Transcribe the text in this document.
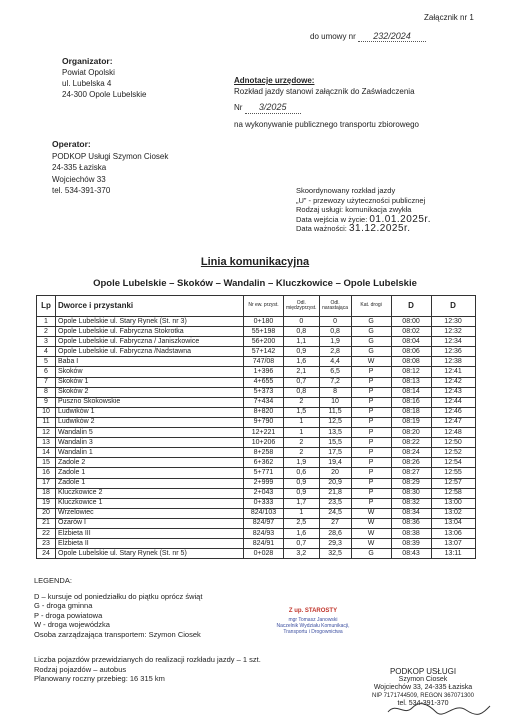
Załącznik nr 1
do umowy nr 232/2024
Organizator:
Powiat Opolski
ul. Lubelska 4
24-300 Opole Lubelskie
Adnotacje urzędowe:
Rozkład jazdy stanowi załącznik do Zaświadczenia
Nr 3/2025
na wykonywanie publicznego transportu zbiorowego
Operator:
PODKOP Usługi Szymon Ciosek
24-335 Łaziska
Wojciechów 33
tel. 534-391-370	Skoordynowany rozkład jazdy
„U” - przewozy użyteczności publicznej
Rodzaj usługi: komunikacja zwykła
Data wejścia w życie: 01.01.2025r.
Data ważności: 31.12.2025r.
Linia komunikacyjna
Opole Lubelskie – Skoków – Wandalin – Kluczkowice – Opole Lubelskie
Lp	Dworce i przystanki	Nr ew. przyst.	Odl. międzyprzyst.	Odl. narastająca	Kat. drogi	D	D
1	Opole Lubelskie ul. Stary Rynek (St. nr 3)	0+180	0	0	G	08:00	12:30
2	Opole Lubelskie ul. Fabryczna Stokrotka	55+198	0,8	0,8	G	08:02	12:32
3	Opole Lubelskie ul. Fabryczna / Janiszkowice	56+200	1,1	1,9	G	08:04	12:34
4	Opole Lubelskie ul. Fabryczna /Nadstawna	57+142	0,9	2,8	G	08:06	12:36
5	Baba I	747/08	1,6	4,4	W	08:08	12:38
6	Skoków	1+396	2,1	6,5	P	08:12	12:41
7	Skoków 1	4+655	0,7	7,2	P	08:13	12:42
8	Skoków 2	5+373	0,8	8	P	08:14	12:43
9	Puszno Skokowskie	7+434	2	10	P	08:16	12:44
10	Ludwików 1	8+820	1,5	11,5	P	08:18	12:46
11	Ludwików 2	9+790	1	12,5	P	08:19	12:47
12	Wandalin 5	12+221	1	13,5	P	08:20	12:48
13	Wandalin 3	10+206	2	15,5	P	08:22	12:50
14	Wandalin 1	8+258	2	17,5	P	08:24	12:52
15	Zadole 2	6+362	1,9	19,4	P	08:26	12:54
16	Zadole 1	5+771	0,6	20	P	08:27	12:55
17	Zadole 1	2+999	0,9	20,9	P	08:29	12:57
18	Kluczkowice 2	2+043	0,9	21,8	P	08:30	12:58
19	Kluczkowice 1	0+333	1,7	23,5	P	08:32	13:00
20	Wrzelowiec	824/103	1	24,5	W	08:34	13:02
21	Ożarów I	824/97	2,5	27	W	08:36	13:04
22	Elżbieta III	824/93	1,6	28,6	W	08:38	13:06
23	Elżbieta II	824/91	0,7	29,3	W	08:39	13:07
24	Opole Lubelskie ul. Stary Rynek (St. nr 5)	0+028	3,2	32,5	G	08:43	13:11
LEGENDA:
D – kursuje od poniedziałku do piątku oprócz świąt
G - droga gminna
P - droga powiatowa
W - droga wojewódzka
Osoba zarządzająca transportem: Szymon Ciosek
Liczba pojazdów przewidzianych do realizacji rozkładu jazdy – 1 szt.
Rodzaj pojazdów – autobus
Planowany roczny przebieg: 16 315 km
Z up. STAROSTY
mgr Tomasz Janowski
Naczelnik Wydziału Komunikacji,
Transportu i Drogownictwa
PODKOP USŁUGI
Szymon Ciosek
Wojciechów 33, 24-335 Łaziska
NIP 7171744509, REGON 367071300
tel. 534-391-370
